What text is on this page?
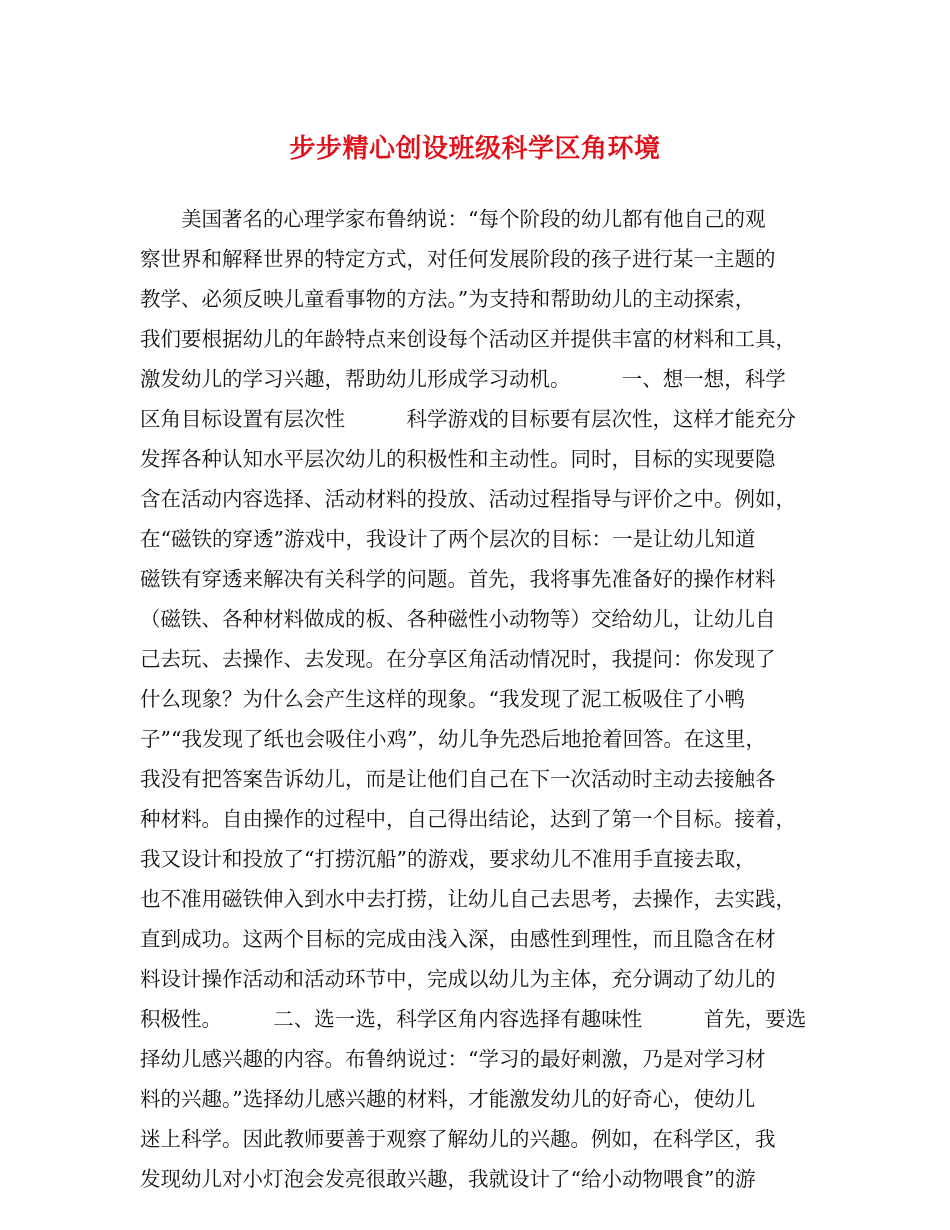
步步精心创设班级科学区角环境
　　美国著名的心理学家布鲁纳说：“每个阶段的幼儿都有他自己的观
察世界和解释世界的特定方式，对任何发展阶段的孩子进行某一主题的
教学、必须反映儿童看事物的方法。”为支持和帮助幼儿的主动探索，
我们要根据幼儿的年龄特点来创设每个活动区并提供丰富的材料和工具，
激发幼儿的学习兴趣，帮助幼儿形成学习动机。　　　一、想一想，科学
区角目标设置有层次性　　　科学游戏的目标要有层次性，这样才能充分
发挥各种认知水平层次幼儿的积极性和主动性。同时，目标的实现要隐
含在活动内容选择、活动材料的投放、活动过程指导与评价之中。例如，
在“磁铁的穿透”游戏中，我设计了两个层次的目标：一是让幼儿知道
磁铁有穿透来解决有关科学的问题。首先，我将事先准备好的操作材料
（磁铁、各种材料做成的板、各种磁性小动物等）交给幼儿，让幼儿自
己去玩、去操作、去发现。在分享区角活动情况时，我提问：你发现了
什么现象？为什么会产生这样的现象。“我发现了泥工板吸住了小鸭
子”“我发现了纸也会吸住小鸡”，幼儿争先恐后地抢着回答。在这里，
我没有把答案告诉幼儿，而是让他们自己在下一次活动时主动去接触各
种材料。自由操作的过程中，自己得出结论，达到了第一个目标。接着，
我又设计和投放了“打捞沉船”的游戏，要求幼儿不准用手直接去取，
也不准用磁铁伸入到水中去打捞，让幼儿自己去思考，去操作，去实践，
直到成功。这两个目标的完成由浅入深，由感性到理性，而且隐含在材
料设计操作活动和活动环节中，完成以幼儿为主体，充分调动了幼儿的
积极性。　　　二、选一选，科学区角内容选择有趣味性　　　首先，要选
择幼儿感兴趣的内容。布鲁纳说过：“学习的最好刺激，乃是对学习材
料的兴趣。”选择幼儿感兴趣的材料，才能激发幼儿的好奇心，使幼儿
迷上科学。因此教师要善于观察了解幼儿的兴趣。例如，在科学区，我
发现幼儿对小灯泡会发亮很敢兴趣，我就设计了“给小动物喂食”的游
